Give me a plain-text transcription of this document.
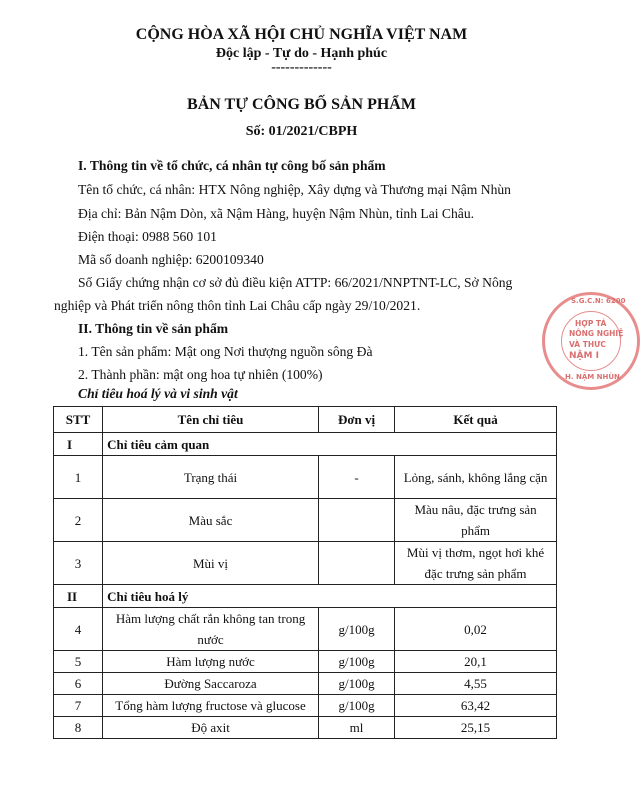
CỘNG HÒA XÃ HỘI CHỦ NGHĨA VIỆT NAM
Độc lập - Tự do - Hạnh phúc
-------------
BẢN TỰ CÔNG BỐ SẢN PHẨM
Số: 01/2021/CBPH
I. Thông tin về tổ chức, cá nhân tự công bố sản phẩm
Tên tổ chức, cá nhân: HTX Nông nghiệp, Xây dựng và Thương mại Nậm Nhùn
Địa chỉ: Bản Nậm Dòn, xã Nậm Hàng, huyện Nậm Nhùn, tỉnh Lai Châu.
Điện thoại: 0988 560 101
Mã số doanh nghiệp: 6200109340
Số Giấy chứng nhận cơ sở đủ điều kiện ATTP: 66/2021/NNPTNT-LC, Sở Nông
nghiệp và Phát triển nông thôn tỉnh Lai Châu cấp ngày 29/10/2021.
II. Thông tin về sản phẩm
1. Tên sản phẩm: Mật ong Nơi thượng nguồn sông Đà
2. Thành phần: mật ong hoa tự nhiên (100%)
Chỉ tiêu hoá lý và vi sinh vật
S.G.C.N: 6200
H. NẬM NHÙN
HỢP TÁ
NÔNG NGHIỆ
VÀ THƯC
NẬM I
STT	Tên chỉ tiêu	Đơn vị	Kết quả
I	Chỉ tiêu cảm quan		
1	Trạng thái	-	Lỏng, sánh, không lắng cặn
2	Màu sắc		Màu nâu, đặc trưng sản phẩm
3	Mùi vị		Mùi vị thơm, ngọt hơi khé đặc trưng sản phẩm
II	Chỉ tiêu hoá lý		
4	Hàm lượng chất rắn không tan trong nước	g/100g	0,02
5	Hàm lượng nước	g/100g	20,1
6	Đường Saccaroza	g/100g	4,55
7	Tổng hàm lượng fructose và glucose	g/100g	63,42
8	Độ axit	ml	25,15
